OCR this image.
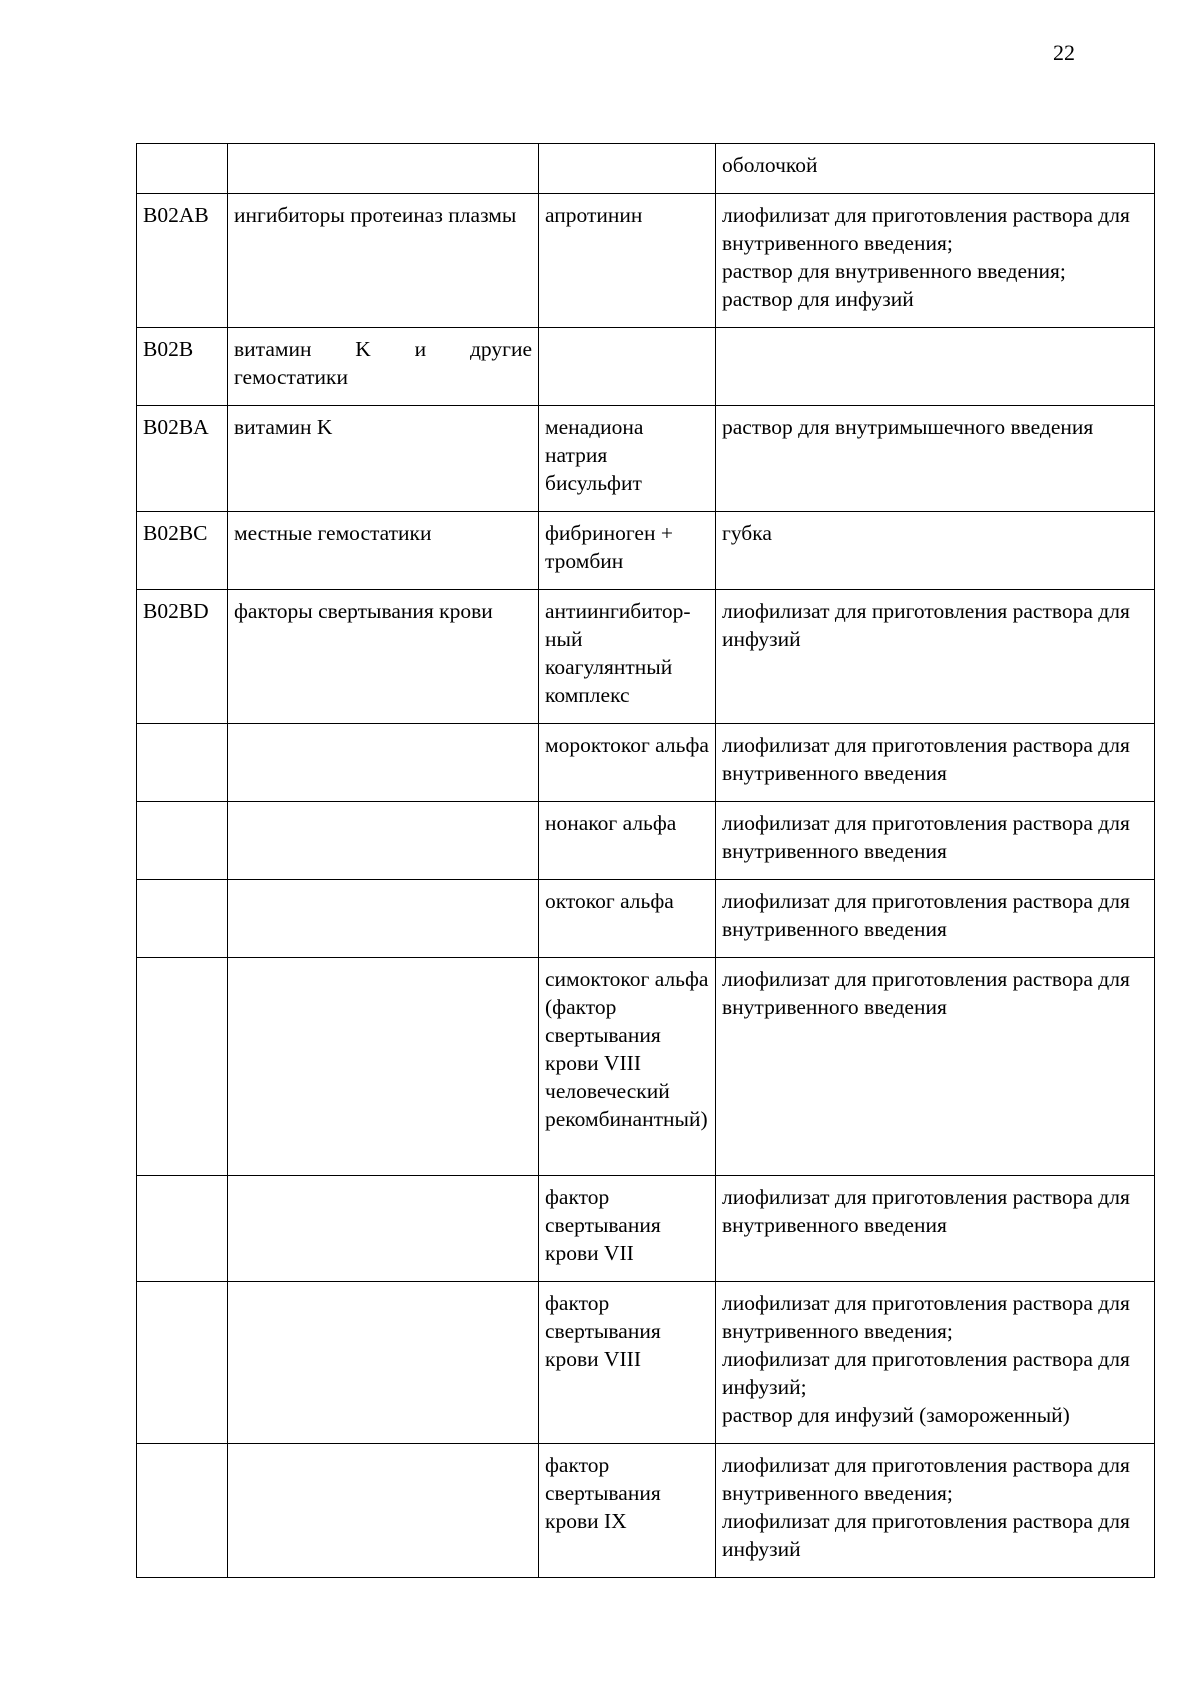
22
			оболочкой
B02AB	ингибиторы протеиназ плазмы	апротинин	лиофилизат для приготовления раствора для внутривенного введения;
раствор для внутривенного введения;
раствор для инфузий
B02B	витамин K и другие гемостатики		
B02BA	витамин K	менадиона натрия бисульфит	раствор для внутримышечного введения
B02BC	местные гемостатики	фибриноген + тромбин	губка
B02BD	факторы свертывания крови	антиингибиторный коагулянтный комплекс	лиофилизат для приготовления раствора для инфузий
		мороктоког альфа	лиофилизат для приготовления раствора для внутривенного введения
		нонаког альфа	лиофилизат для приготовления раствора для внутривенного введения
		октоког альфа	лиофилизат для приготовления раствора для внутривенного введения
		симоктоког альфа (фактор свертывания крови VIII человеческий рекомбинантный)	лиофилизат для приготовления раствора для внутривенного введения
		фактор свертывания крови VII	лиофилизат для приготовления раствора для внутривенного введения
		фактор свертывания крови VIII	лиофилизат для приготовления раствора для внутривенного введения;
лиофилизат для приготовления раствора для инфузий;
раствор для инфузий (замороженный)
		фактор свертывания крови IX	лиофилизат для приготовления раствора для внутривенного введения;
лиофилизат для приготовления раствора для инфузий
